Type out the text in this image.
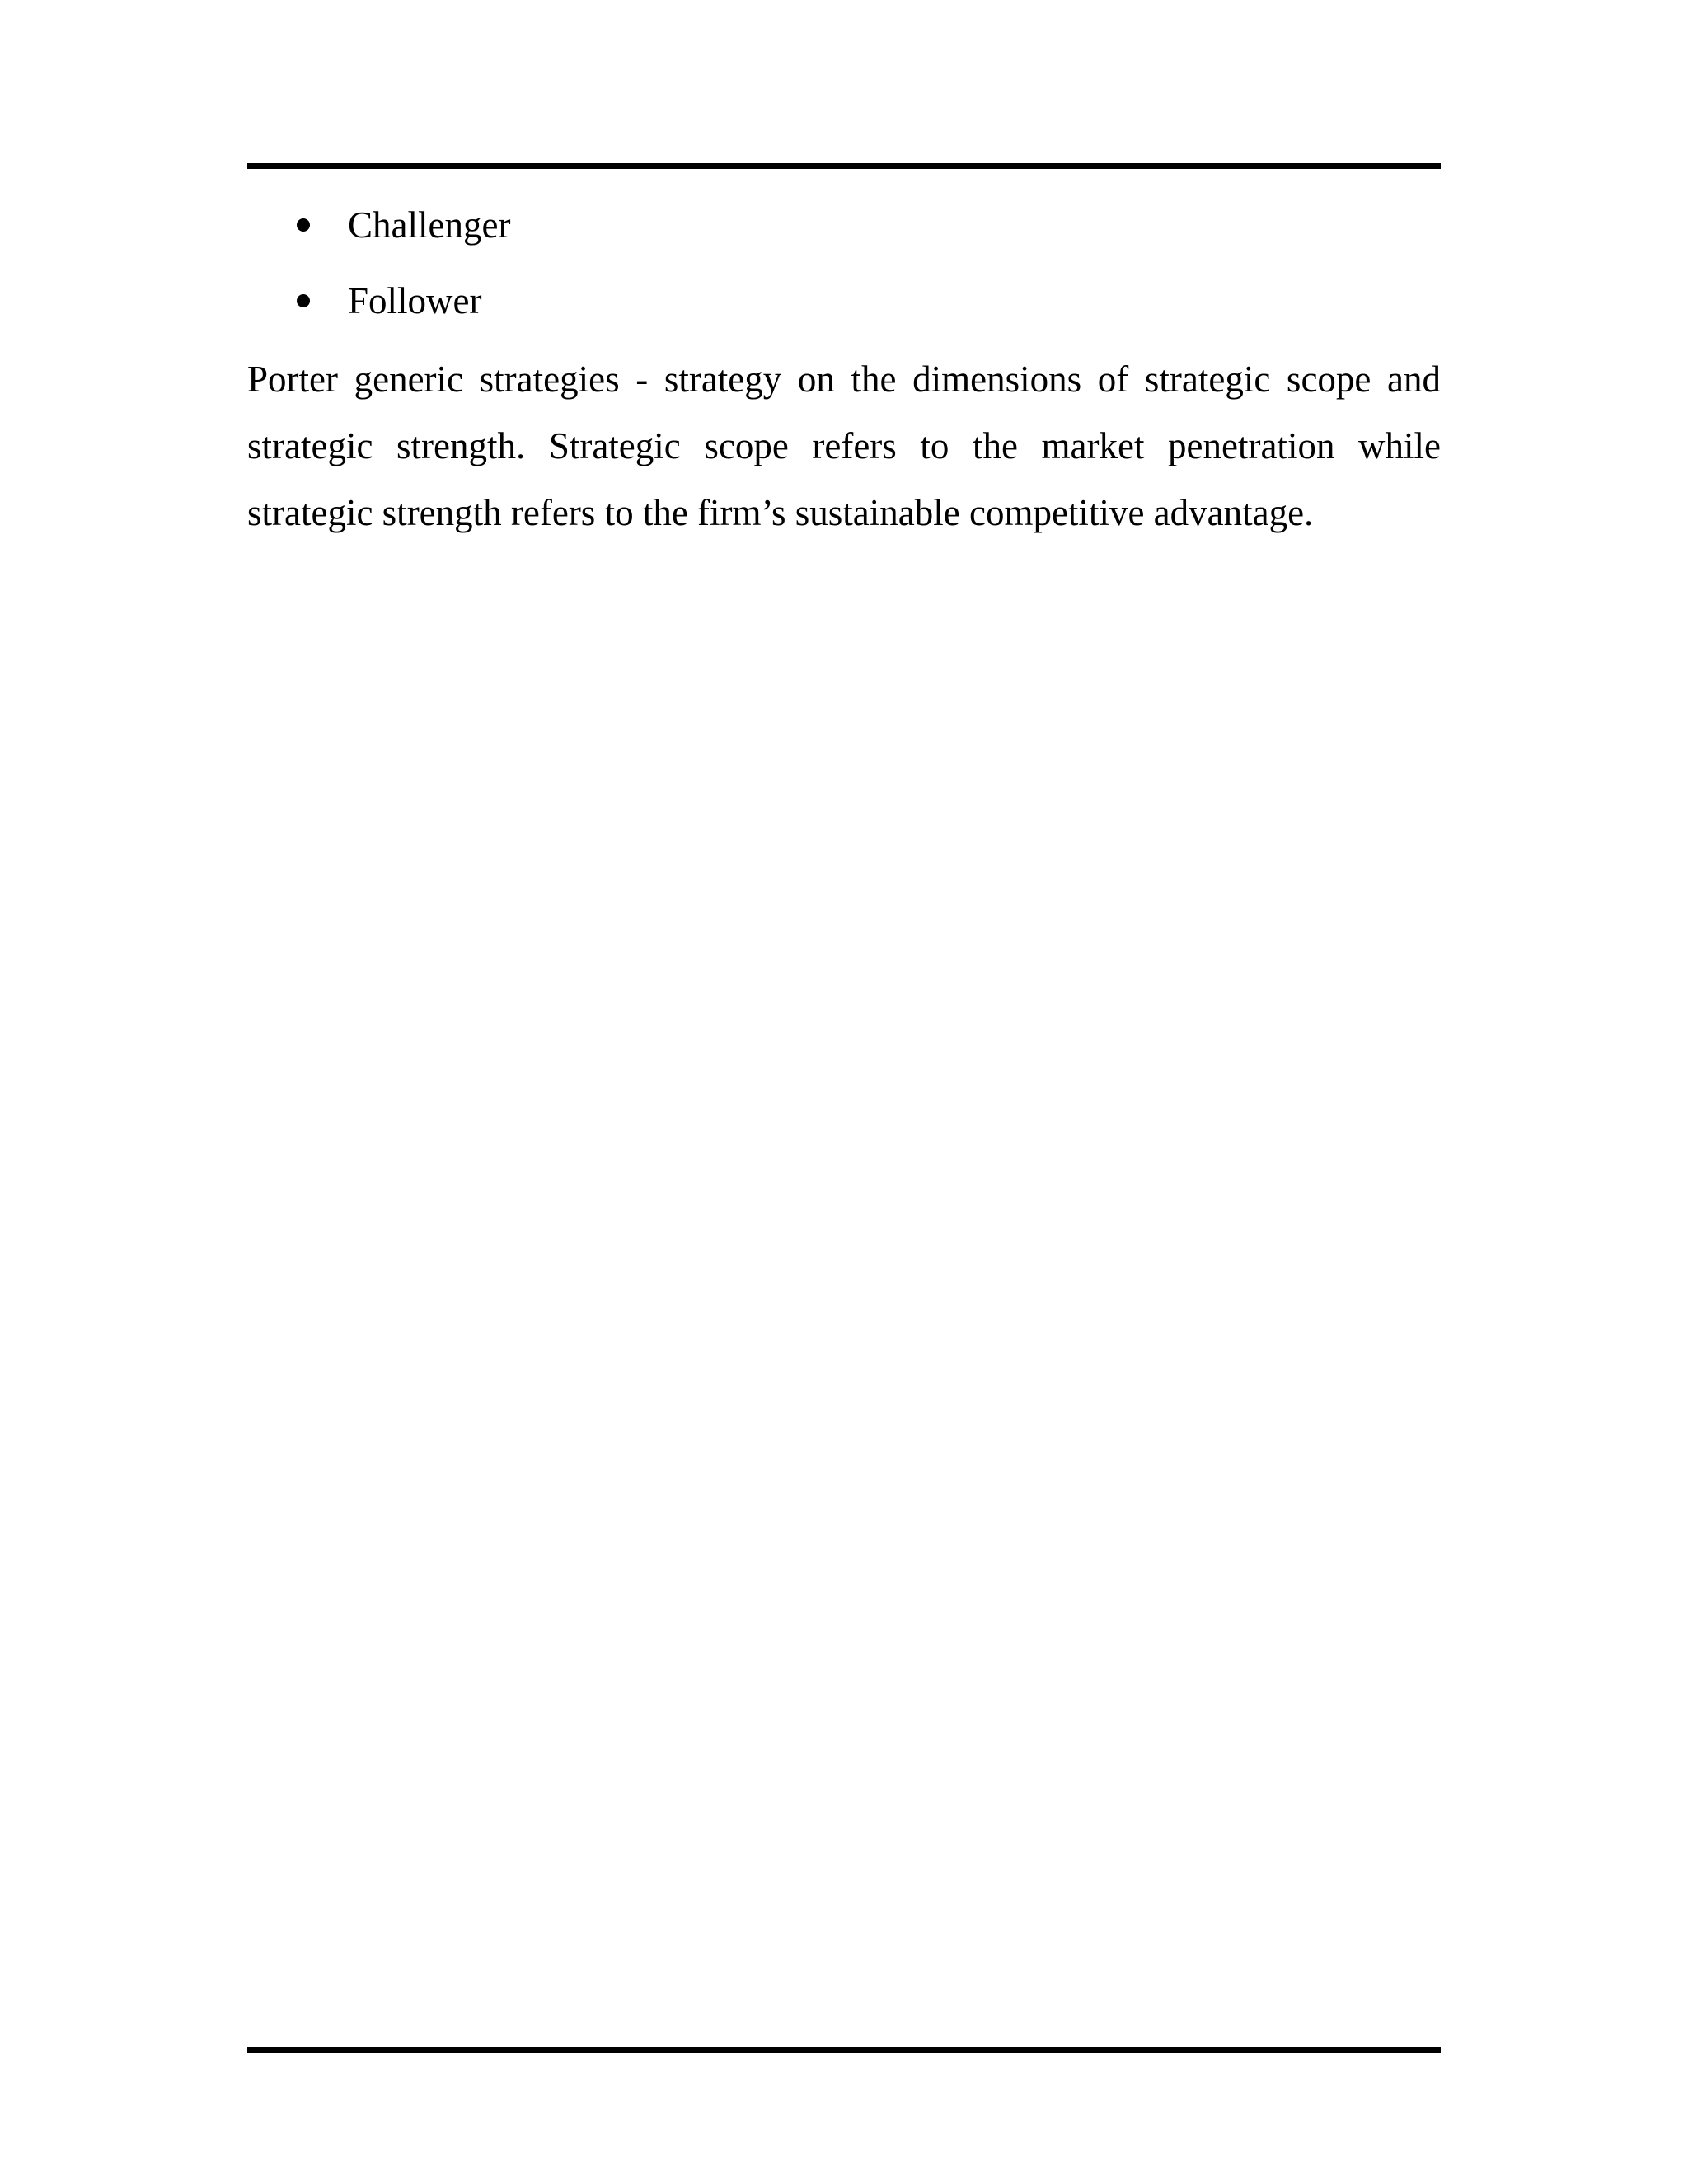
Challenger
Follower

Porter generic strategies - strategy on the dimensions of strategic scope and
strategic strength. Strategic scope refers to the market penetration while
strategic strength refers to the firm’s sustainable competitive advantage.
